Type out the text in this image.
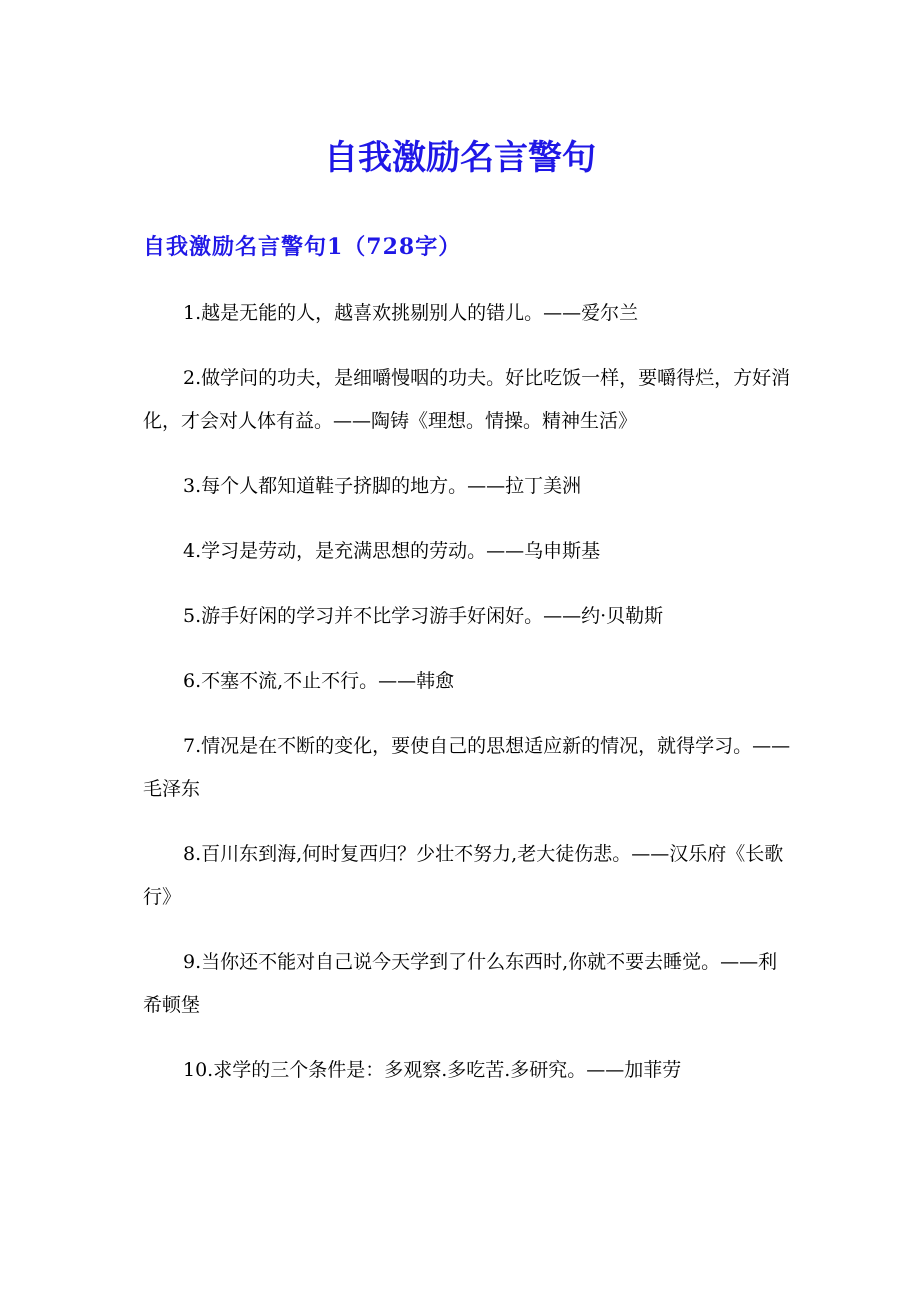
自我激励名言警句
自我激励名言警句1（728字）
1.越是无能的人，越喜欢挑剔别人的错儿。——爱尔兰
2.做学问的功夫，是细嚼慢咽的功夫。好比吃饭一样，要嚼得烂，方好消化，才会对人体有益。——陶铸《理想。情操。精神生活》
3.每个人都知道鞋子挤脚的地方。——拉丁美洲
4.学习是劳动，是充满思想的劳动。——乌申斯基
5.游手好闲的学习并不比学习游手好闲好。——约·贝勒斯
6.不塞不流,不止不行。——韩愈
7.情况是在不断的变化，要使自己的思想适应新的情况，就得学习。——毛泽东
8.百川东到海,何时复西归？少壮不努力,老大徒伤悲。——汉乐府《长歌行》
9.当你还不能对自己说今天学到了什么东西时,你就不要去睡觉。——利希顿堡
10.求学的三个条件是：多观察.多吃苦.多研究。——加菲劳
